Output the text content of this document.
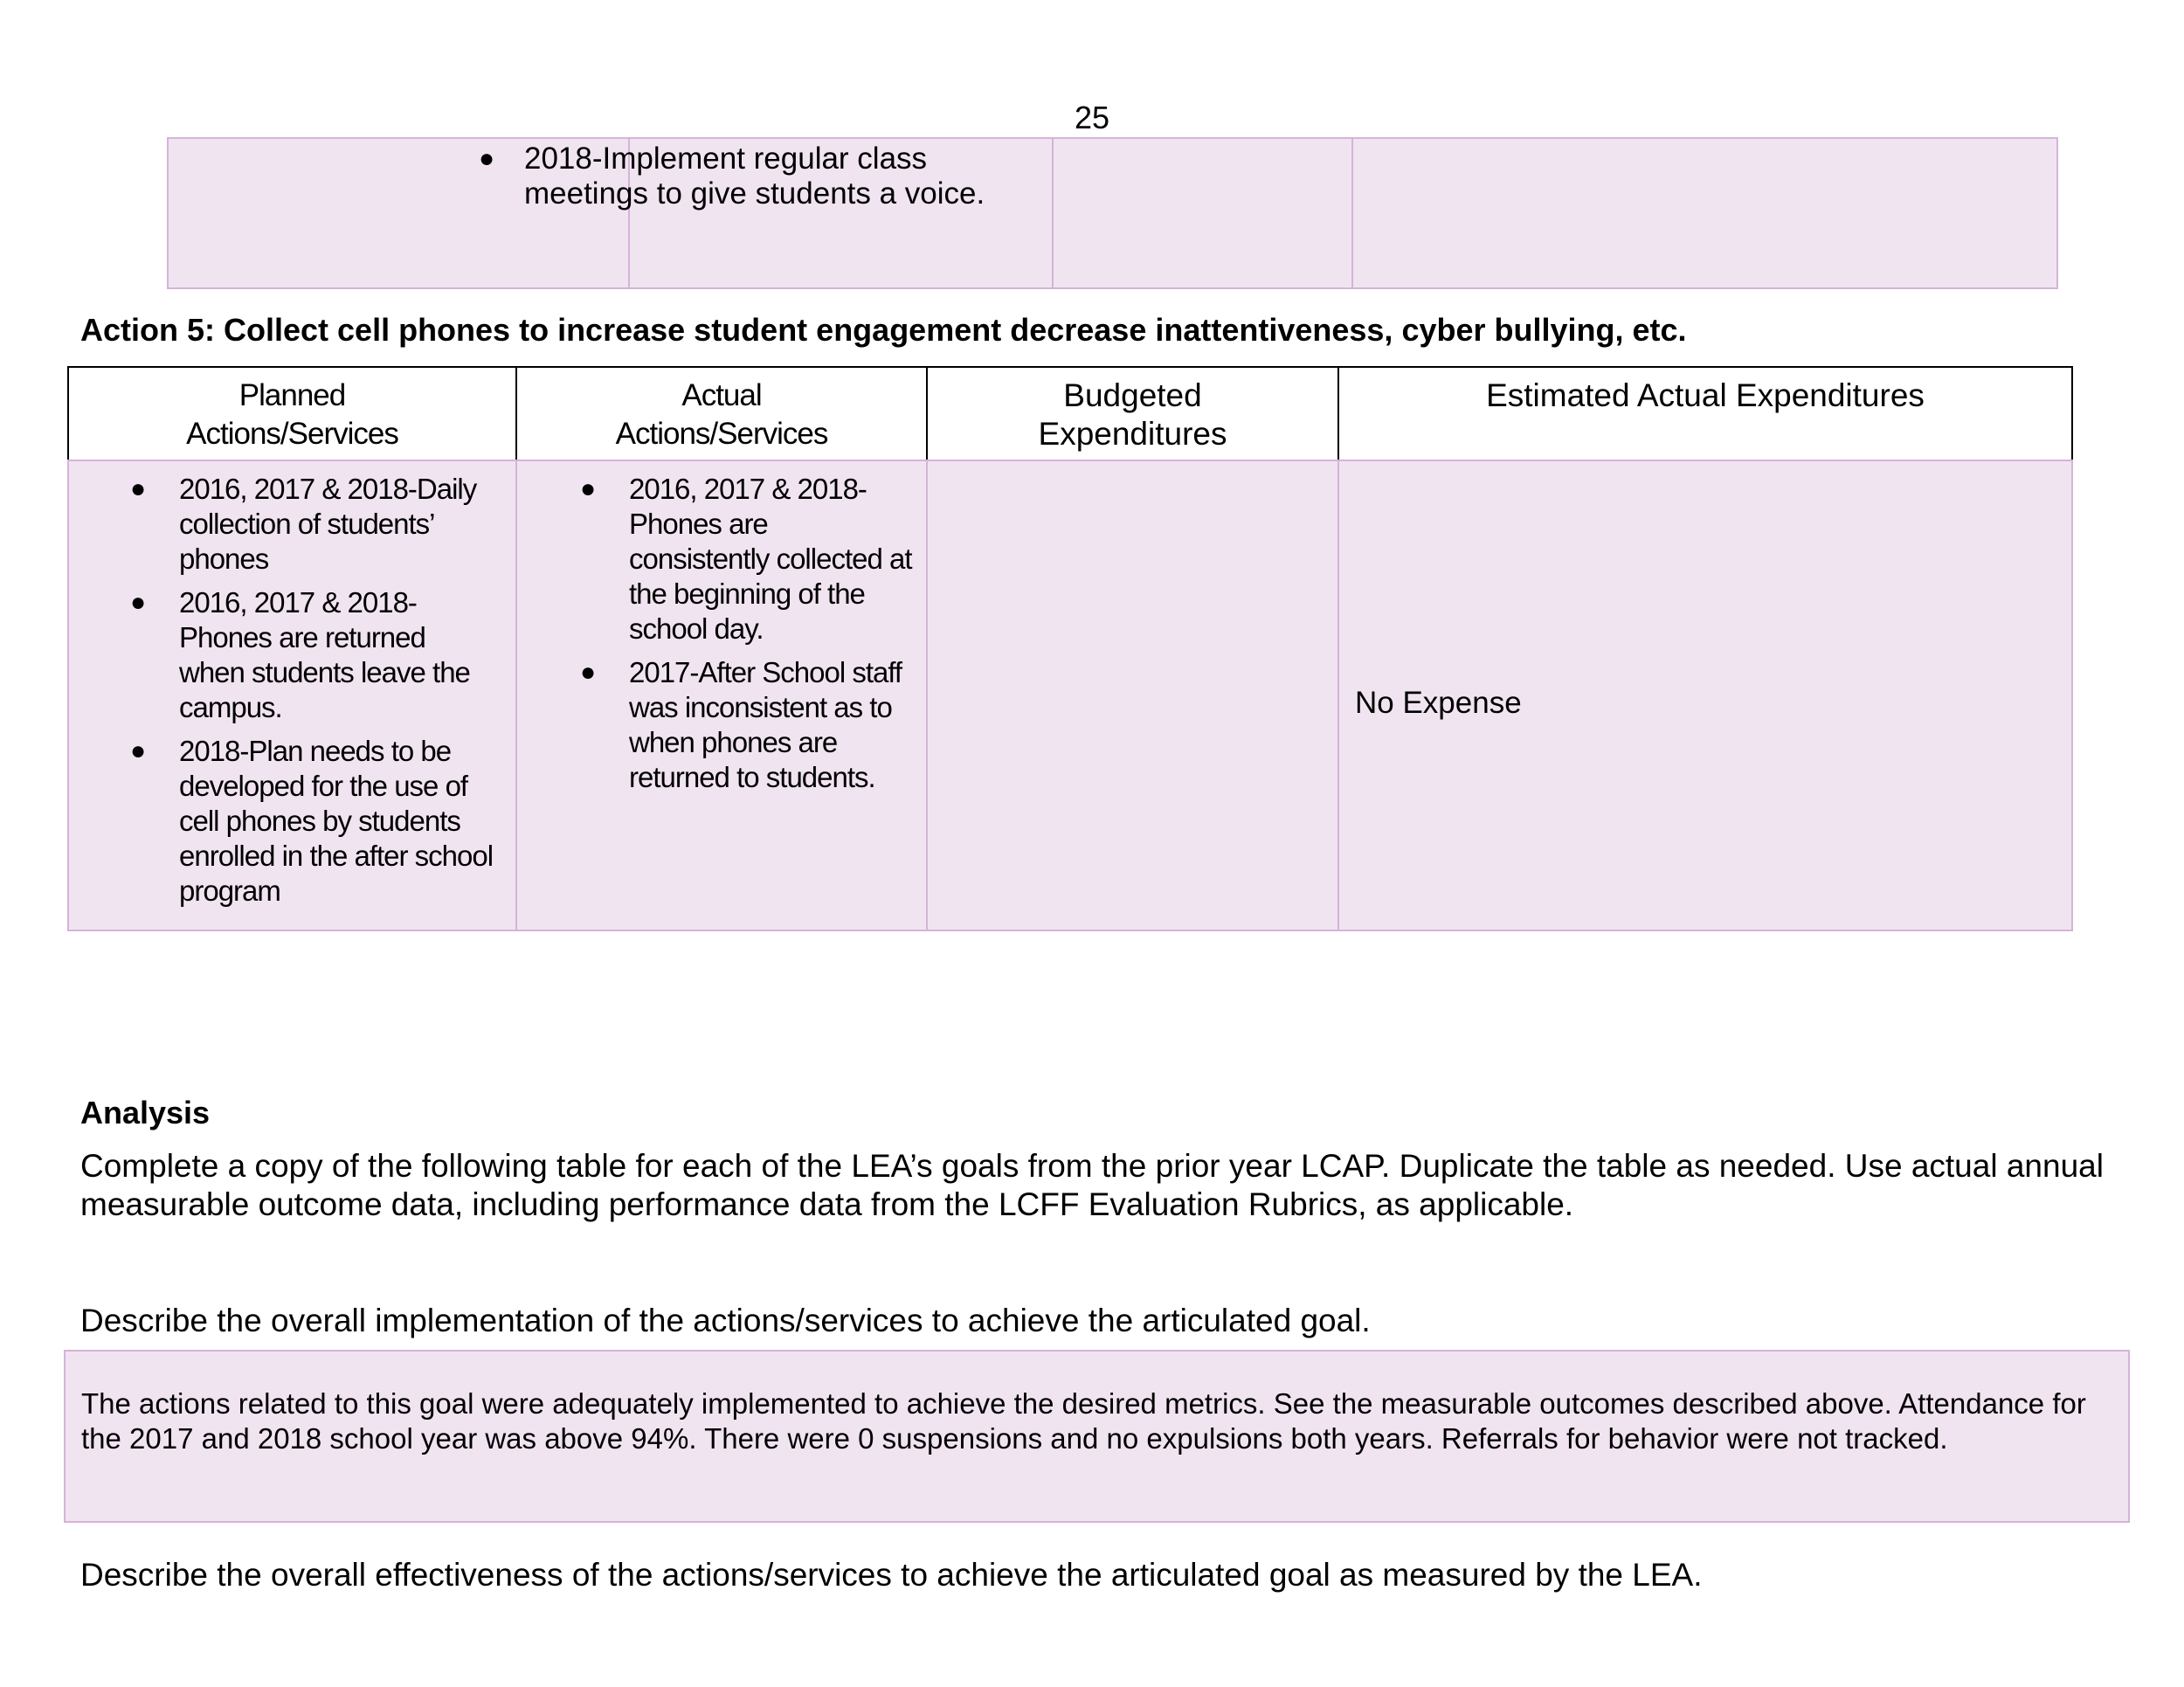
25
● 2018-Implement regular class meetings to give students a voice.
Action 5: Collect cell phones to increase student engagement decrease inattentiveness, cyber bullying, etc.
Planned
Actions/Services
Actual
Actions/Services
Budgeted
Expenditures
Estimated Actual Expenditures
● 2016, 2017 & 2018-Daily collection of students’ phones
● 2016, 2017 & 2018-Phones are returned when students leave the campus.
● 2018-Plan needs to be developed for the use of cell phones by students enrolled in the after school program
● 2016, 2017 & 2018-Phones are consistently collected at the beginning of the school day.
● 2017-After School staff was inconsistent as to when phones are returned to students.
No Expense
Analysis
Complete a copy of the following table for each of the LEA’s goals from the prior year LCAP. Duplicate the table as needed. Use actual annual measurable outcome data, including performance data from the LCFF Evaluation Rubrics, as applicable.
Describe the overall implementation of the actions/services to achieve the articulated goal.
The actions related to this goal were adequately implemented to achieve the desired metrics. See the measurable outcomes described above. Attendance for the 2017 and 2018 school year was above 94%. There were 0 suspensions and no expulsions both years. Referrals for behavior were not tracked.
Describe the overall effectiveness of the actions/services to achieve the articulated goal as measured by the LEA.
